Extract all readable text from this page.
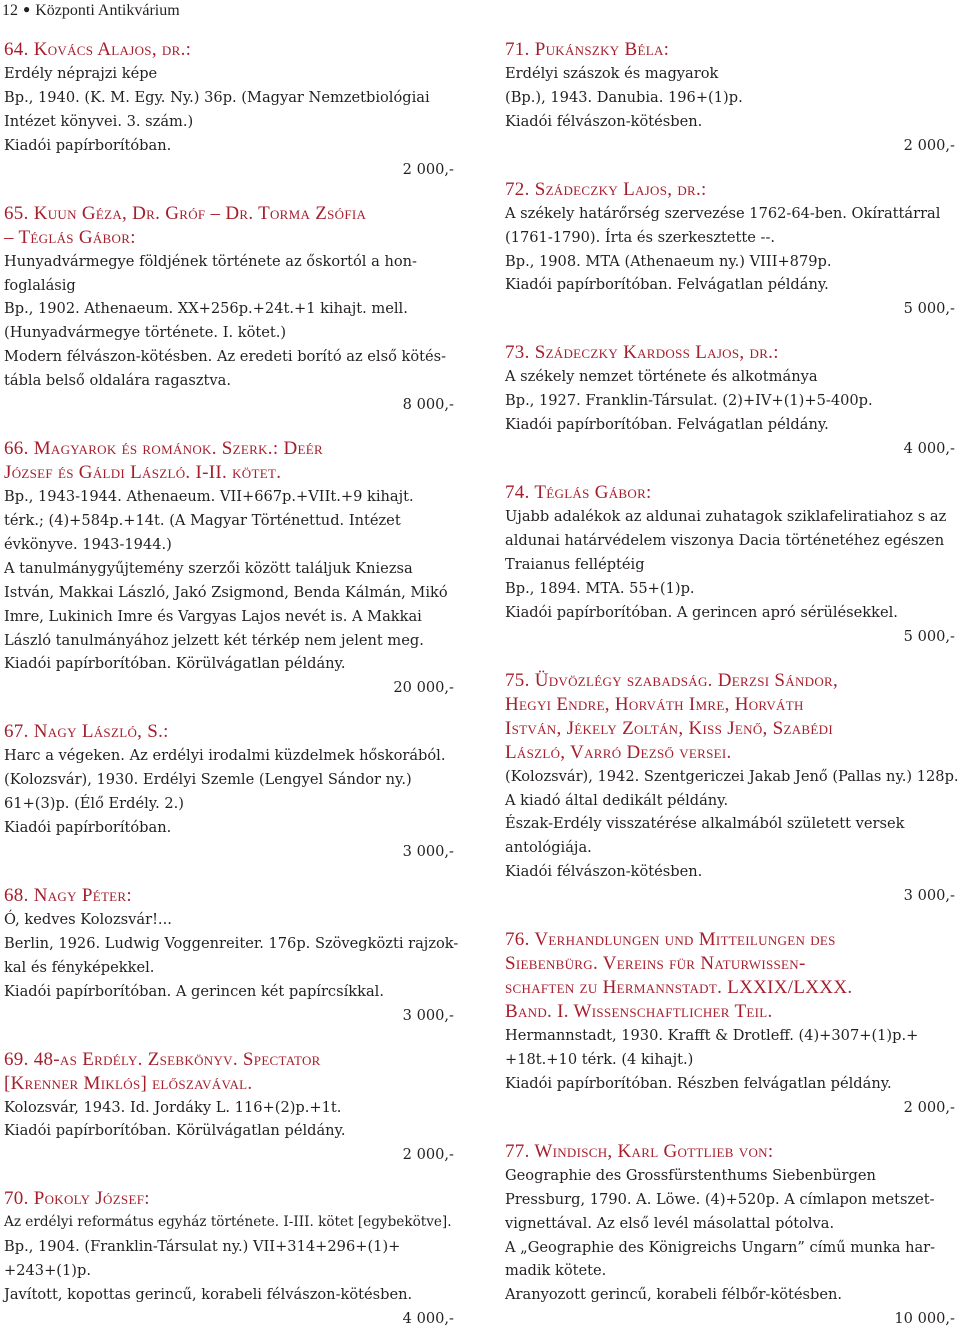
12 ● Központi Antikvárium
64. Kovács Alajos, dr.:
Erdély néprajzi képe
Bp., 1940. (K. M. Egy. Ny.) 36p. (Magyar Nemzetbiológiai
Intézet könyvei. 3. szám.)
Kiadói papírborítóban.
2 000,-
65. Kuun Géza, Dr. Gróf – Dr. Torma Zsófia
– Téglás Gábor:
Hunyadvármegye földjének története az őskortól a hon-
foglalásig
Bp., 1902. Athenaeum. XX+256p.+24t.+1 kihajt. mell.
(Hunyadvármegye története. I. kötet.)
Modern félvászon-kötésben. Az eredeti borító az első kötés-
tábla belső oldalára ragasztva.
8 000,-
66. Magyarok és románok. Szerk.: Deér
József és Gáldi László. I-II. kötet.
Bp., 1943-1944. Athenaeum. VII+667p.+VIIt.+9 kihajt.
térk.; (4)+584p.+14t. (A Magyar Történettud. Intézet
évkönyve. 1943-1944.)
A tanulmánygyűjtemény szerzői között találjuk Kniezsa
István, Makkai László, Jakó Zsigmond, Benda Kálmán, Mikó
Imre, Lukinich Imre és Vargyas Lajos nevét is. A Makkai
László tanulmányához jelzett két térkép nem jelent meg.
Kiadói papírborítóban. Körülvágatlan példány.
20 000,-
67. Nagy László, S.:
Harc a végeken. Az erdélyi irodalmi küzdelmek hőskorából.
(Kolozsvár), 1930. Erdélyi Szemle (Lengyel Sándor ny.)
61+(3)p. (Élő Erdély. 2.)
Kiadói papírborítóban.
3 000,-
68. Nagy Péter:
Ó, kedves Kolozsvár!...
Berlin, 1926. Ludwig Voggenreiter. 176p. Szövegközti rajzok-
kal és fényképekkel.
Kiadói papírborítóban. A gerincen két papírcsíkkal.
3 000,-
69. 48-as Erdély. Zsebkönyv. Spectator
[Krenner Miklós] előszavával.
Kolozsvár, 1943. Id. Jordáky L. 116+(2)p.+1t.
Kiadói papírborítóban. Körülvágatlan példány.
2 000,-
70. Pokoly József:
Az erdélyi református egyház története. I-III. kötet [egybekötve].
Bp., 1904. (Franklin-Társulat ny.) VII+314+296+(1)+
+243+(1)p.
Javított, kopottas gerincű, korabeli félvászon-kötésben.
4 000,-
71. Pukánszky Béla:
Erdélyi szászok és magyarok
(Bp.), 1943. Danubia. 196+(1)p.
Kiadói félvászon-kötésben.
2 000,-
72. Szádeczky Lajos, dr.:
A székely határőrség szervezése 1762-64-ben. Okírattárral
(1761-1790). Írta és szerkesztette --.
Bp., 1908. MTA (Athenaeum ny.) VIII+879p.
Kiadói papírborítóban. Felvágatlan példány.
5 000,-
73. Szádeczky Kardoss Lajos, dr.:
A székely nemzet története és alkotmánya
Bp., 1927. Franklin-Társulat. (2)+IV+(1)+5-400p.
Kiadói papírborítóban. Felvágatlan példány.
4 000,-
74. Téglás Gábor:
Ujabb adalékok az aldunai zuhatagok sziklafeliratiahoz s az
aldunai határvédelem viszonya Dacia történetéhez egészen
Traianus felléptéig
Bp., 1894. MTA. 55+(1)p.
Kiadói papírborítóban. A gerincen apró sérülésekkel.
5 000,-
75. Üdvözlégy szabadság. Derzsi Sándor,
Hegyi Endre, Horváth Imre, Horváth
István, Jékely Zoltán, Kiss Jenő, Szabédi
László, Varró Dezső versei.
(Kolozsvár), 1942. Szentgericzei Jakab Jenő (Pallas ny.) 128p.
A kiadó által dedikált példány.
Észak-Erdély visszatérése alkalmából született versek
antológiája.
Kiadói félvászon-kötésben.
3 000,-
76. Verhandlungen und Mitteilungen des
Siebenbürg. Vereins für Naturwissen-
schaften zu Hermannstadt. LXXIX/LXXX.
Band. I. Wissenschaftlicher Teil.
Hermannstadt, 1930. Krafft & Drotleff. (4)+307+(1)p.+
+18t.+10 térk. (4 kihajt.)
Kiadói papírborítóban. Részben felvágatlan példány.
2 000,-
77. Windisch, Karl Gottlieb von:
Geographie des Grossfürstenthums Siebenbürgen
Pressburg, 1790. A. Löwe. (4)+520p. A címlapon metszet-
vignettával. Az első levél másolattal pótolva.
A „Geographie des Königreichs Ungarn” című munka har-
madik kötete.
Aranyozott gerincű, korabeli félbőr-kötésben.
10 000,-
